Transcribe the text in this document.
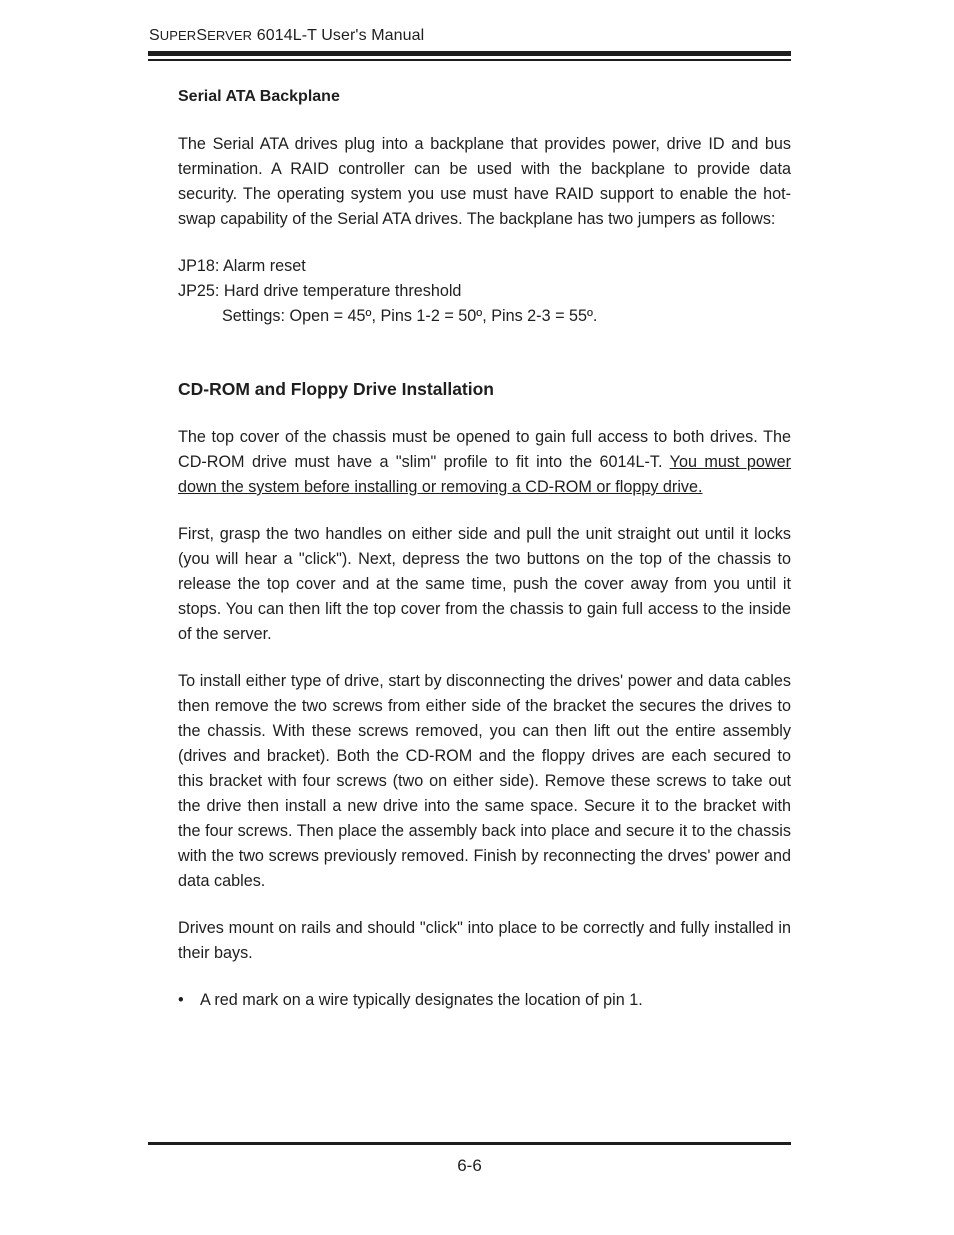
SUPERSERVER 6014L-T User's Manual
Serial ATA Backplane

The Serial ATA drives plug into a backplane that provides power, drive ID and bus termination. A RAID controller can be used with the backplane to provide data security. The operating system you use must have RAID support to enable the hot-swap capability of the Serial ATA drives. The backplane has two jumpers as follows:

JP18: Alarm reset
JP25: Hard drive temperature threshold
Settings: Open = 45º, Pins 1-2 = 50º, Pins 2-3 = 55º.
CD-ROM and Floppy Drive Installation

The top cover of the chassis must be opened to gain full access to both drives. The CD-ROM drive must have a "slim" profile to fit into the 6014L-T. You must power down the system before installing or removing a CD-ROM or floppy drive.

First, grasp the two handles on either side and pull the unit straight out until it locks (you will hear a "click"). Next, depress the two buttons on the top of the chassis to release the top cover and at the same time, push the cover away from you until it stops. You can then lift the top cover from the chassis to gain full access to the inside of the server.

To install either type of drive, start by disconnecting the drives' power and data cables then remove the two screws from either side of the bracket the secures the drives to the chassis. With these screws removed, you can then lift out the entire assembly (drives and bracket). Both the CD-ROM and the floppy drives are each secured to this bracket with four screws (two on either side). Remove these screws to take out the drive then install a new drive into the same space. Secure it to the bracket with the four screws. Then place the assembly back into place and secure it to the chassis with the two screws previously removed. Finish by reconnecting the drves' power and data cables.

Drives mount on rails and should "click" into place to be correctly and fully installed in their bays.

•	A red mark on a wire typically designates the location of pin 1.
6-6
